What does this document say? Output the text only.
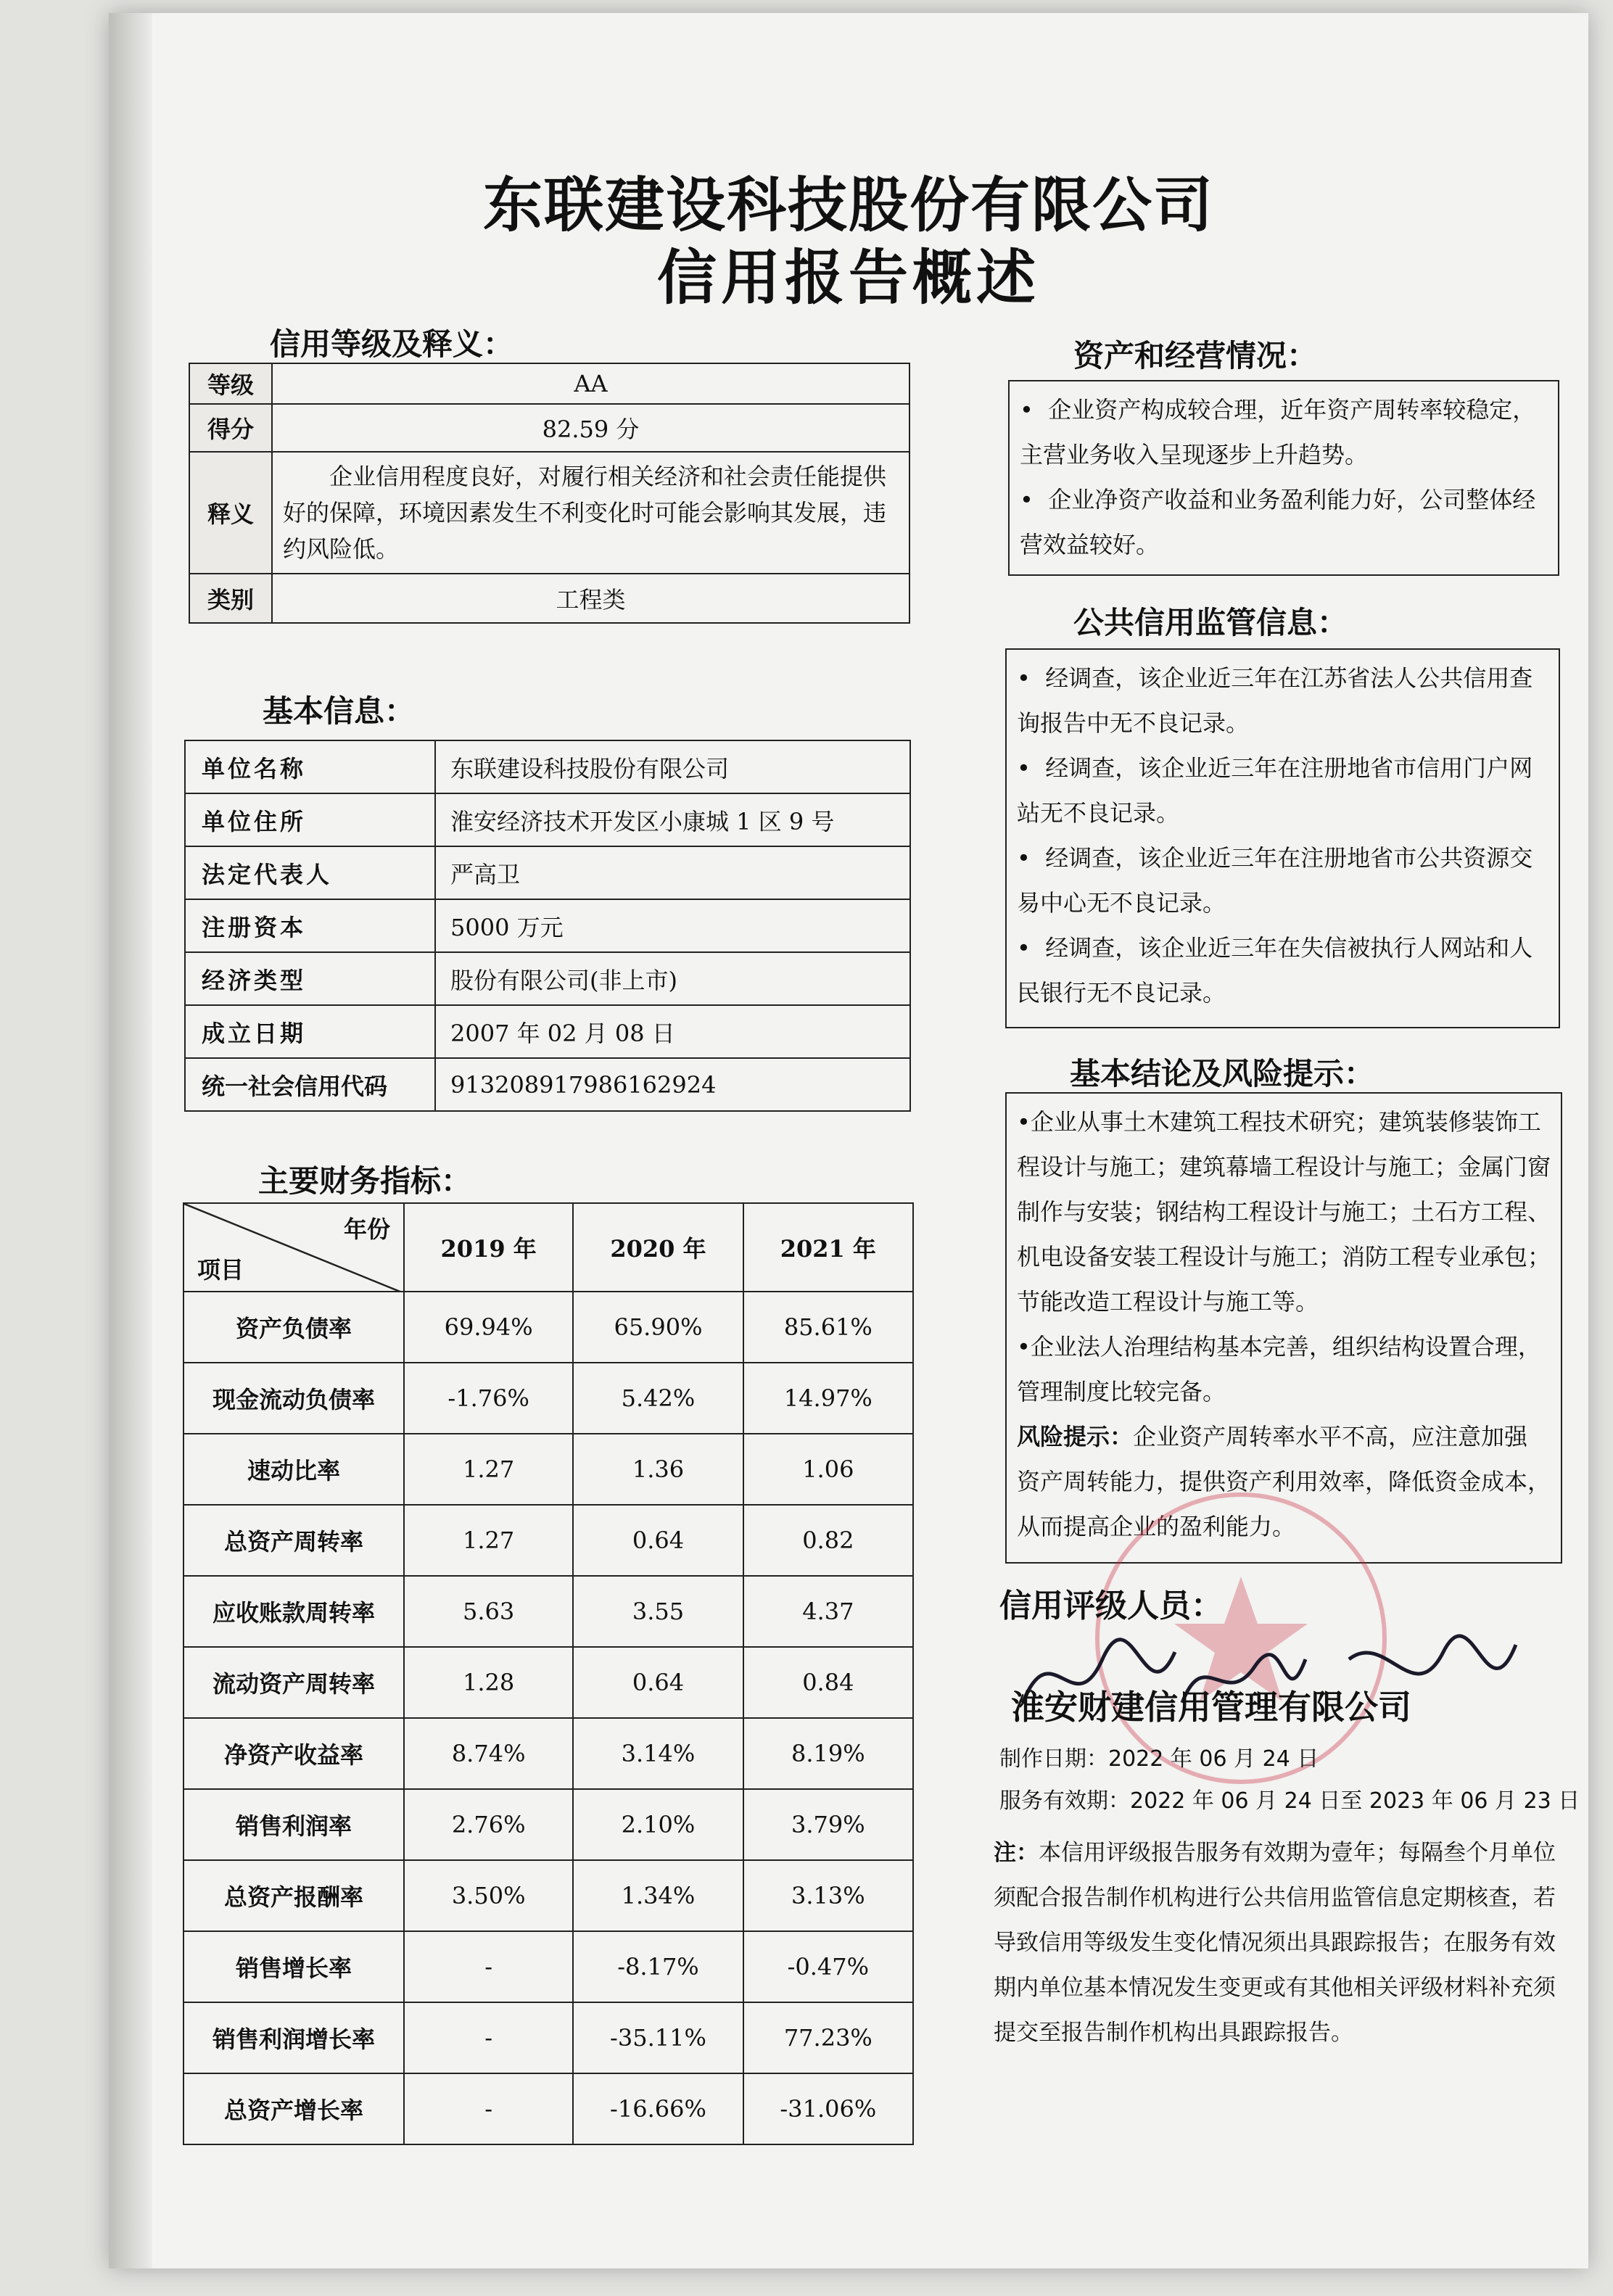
东联建设科技股份有限公司
信用报告概述
信用等级及释义：
等级	AA
得分	82.59 分
释义	企业信用程度良好，对履行相关经济和社会责任能提供好的保障，环境因素发生不利变化时可能会影响其发展，违约风险低。
类别	工程类
基本信息：
单位名称	东联建设科技股份有限公司
单位住所	淮安经济技术开发区小康城 1 区 9 号
法定代表人	严高卫
注册资本	5000 万元
经济类型	股份有限公司(非上市)
成立日期	2007 年 02 月 08 日
统一社会信用代码	913208917986162924
主要财务指标：
年份
项目	2019 年	2020 年	2021 年
资产负债率	69.94%	65.90%	85.61%
现金流动负债率	-1.76%	5.42%	14.97%
速动比率	1.27	1.36	1.06
总资产周转率	1.27	0.64	0.82
应收账款周转率	5.63	3.55	4.37
流动资产周转率	1.28	0.64	0.84
净资产收益率	8.74%	3.14%	8.19%
销售利润率	2.76%	2.10%	3.79%
总资产报酬率	3.50%	1.34%	3.13%
销售增长率	-	-8.17%	-0.47%
销售利润增长率	-	-35.11%	77.23%
总资产增长率	-	-16.66%	-31.06%
资产和经营情况：

•  企业资产构成较合理，近年资产周转率较稳定，主营业务收入呈现逐步上升趋势。

•  企业净资产收益和业务盈利能力好，公司整体经营效益较好。

公共信用监管信息：

•  经调查，该企业近三年在江苏省法人公共信用查询报告中无不良记录。

•  经调查，该企业近三年在注册地省市信用门户网站无不良记录。

•  经调查，该企业近三年在注册地省市公共资源交易中心无不良记录。

•  经调查，该企业近三年在失信被执行人网站和人民银行无不良记录。

基本结论及风险提示：

•企业从事土木建筑工程技术研究；建筑装修装饰工程设计与施工；建筑幕墙工程设计与施工；金属门窗制作与安装；钢结构工程设计与施工；土石方工程、机电设备安装工程设计与施工；消防工程专业承包；节能改造工程设计与施工等。

•企业法人治理结构基本完善，组织结构设置合理，管理制度比较完备。

风险提示：企业资产周转率水平不高，应注意加强资产周转能力，提供资产利用效率，降低资金成本，从而提高企业的盈利能力。

信用评级人员：
淮安财建信用管理有限公司
制作日期：2022 年 06 月 24 日
服务有效期：2022 年 06 月 24 日至 2023 年 06 月 23 日
注：本信用评级报告服务有效期为壹年；每隔叁个月单位须配合报告制作机构进行公共信用监管信息定期核查，若导致信用等级发生变化情况须出具跟踪报告；在服务有效期内单位基本情况发生变更或有其他相关评级材料补充须提交至报告制作机构出具跟踪报告。
